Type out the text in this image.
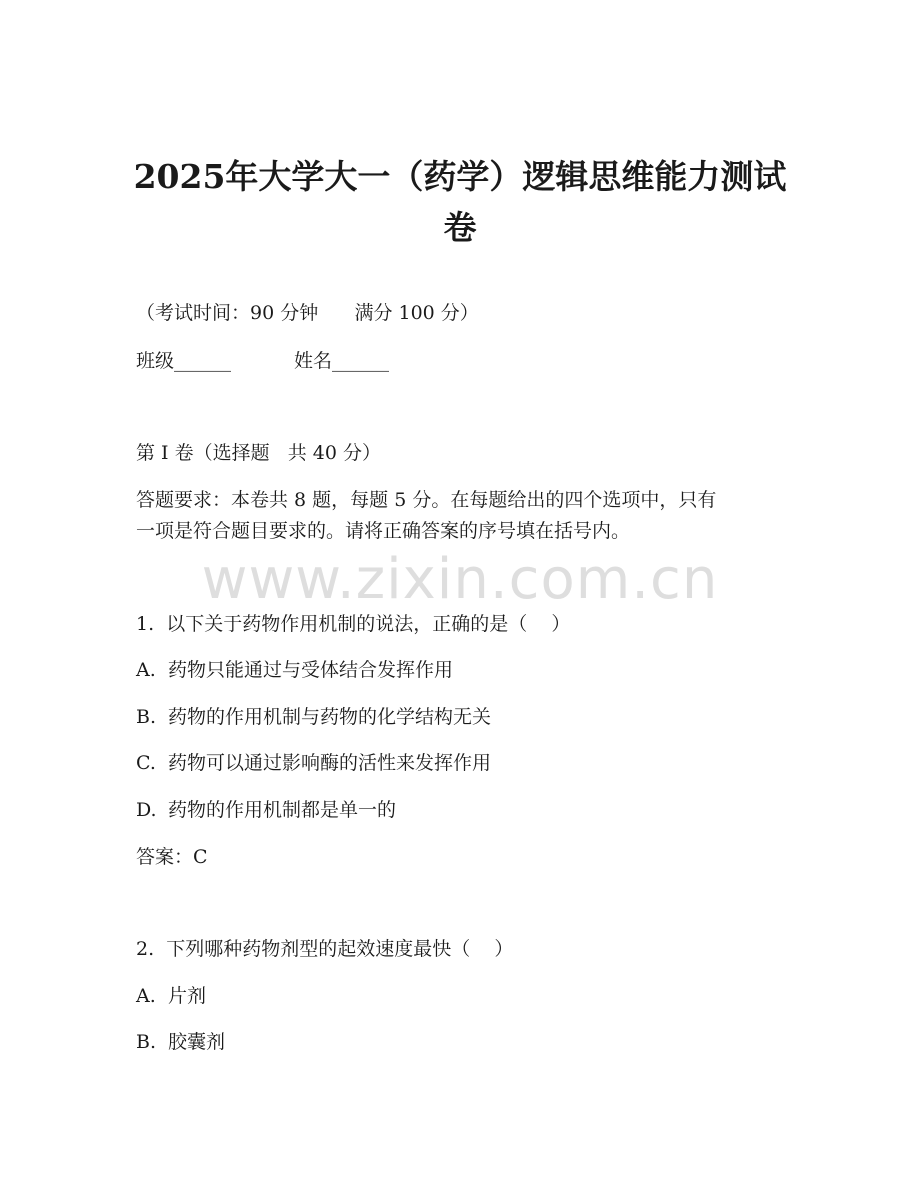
2025年大学大一（药学）逻辑思维能力测试
卷

（考试时间：90 分钟      满分 100 分）

班级______	姓名______

第 I 卷（选择题   共 40 分）

答题要求：本卷共 8 题，每题 5 分。在每题给出的四个选项中，只有

一项是符合题目要求的。请将正确答案的序号填在括号内。

www.zixin.com.cn

1.  以下关于药物作用机制的说法，正确的是（    ）

A. 药物只能通过与受体结合发挥作用

B. 药物的作用机制与药物的化学结构无关

C. 药物可以通过影响酶的活性来发挥作用

D. 药物的作用机制都是单一的

答案：C

2.  下列哪种药物剂型的起效速度最快（    ）

A. 片剂

B. 胶囊剂
